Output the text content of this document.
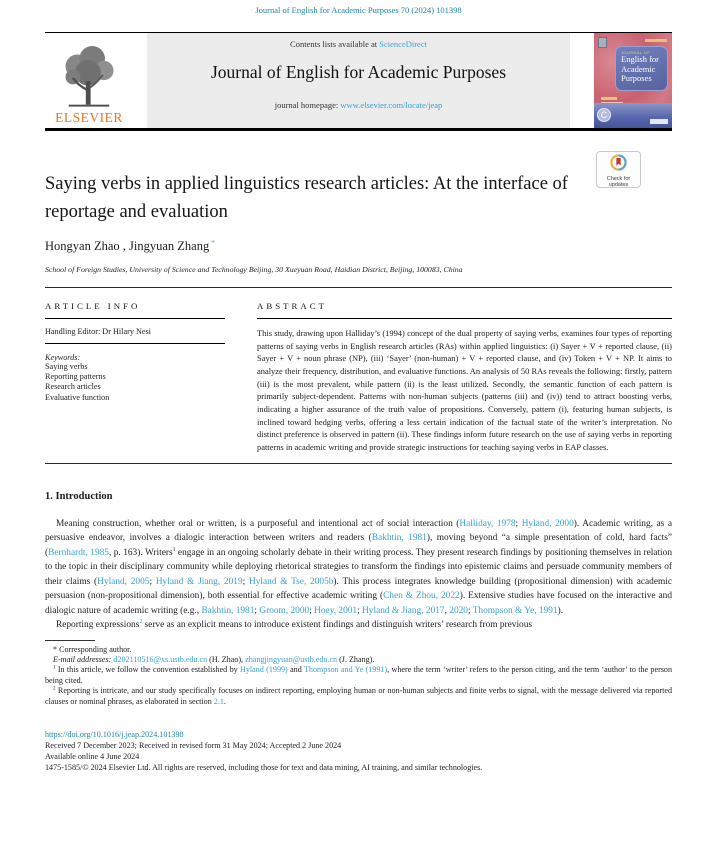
Journal of English for Academic Purposes 70 (2024) 101398
ELSEVIER
Contents lists available at ScienceDirect
Journal of English for Academic Purposes
journal homepage: www.elsevier.com/locate/jeap
JOURNAL OF
English for
Academic
Purposes
C
Saying verbs in applied linguistics research articles: At the interface of reportage and evaluation
Hongyan Zhao , Jingyuan Zhang *
School of Foreign Studies, University of Science and Technology Beijing, 30 Xueyuan Road, Haidian District, Beijing, 100083, China
ARTICLE INFO
Handling Editor: Dr Hilary Nesi
Keywords:
Saying verbs
Reporting patterns
Research articles
Evaluative function
ABSTRACT
This study, drawing upon Halliday’s (1994) concept of the dual property of saying verbs, examines four types of reporting patterns of saying verbs in English research articles (RAs) within applied linguistics: (i) Sayer + V + reported clause, (ii) Sayer + V + noun phrase (NP), (iii) ‘Sayer’ (non-human) + V + reported clause, and (iv) Token + V + NP. It aims to analyze their frequency, distribution, and evaluative functions. An analysis of 50 RAs reveals the following: firstly, pattern (iii) is the most prevalent, while pattern (ii) is the least utilized. Secondly, the semantic function of each pattern is primarily subject-dependent. Patterns with non-human subjects (patterns (iii) and (iv)) tend to attract boosting verbs, indicating a higher assurance of the truth value of propositions. Conversely, pattern (i), featuring human subjects, is inclined toward hedging verbs, offering a less certain indication of the factual state of the writer’s interpretation. No distinct preference is observed in pattern (ii). These findings inform future research on the use of saying verbs in reporting patterns in academic writing and provide strategic instructions for teaching saying verbs in EAP classes.
1. Introduction
Meaning construction, whether oral or written, is a purposeful and intentional act of social interaction (Halliday, 1978; Hyland, 2000). Academic writing, as a persuasive endeavor, involves a dialogic interaction between writers and readers (Bakhtin, 1981), moving beyond “a simple presentation of cold, hard facts” (Bernhardt, 1985, p. 163). Writers$^1$ engage in an ongoing scholarly debate in their writing process. They present research findings by positioning themselves in relation to the topic in their disciplinary community while deploying rhetorical strategies to transform the findings into epistemic claims and persuade community members of their claims (Hyland, 2005; Hyland & Jiang, 2019; Hyland & Tse, 2005b). This process integrates knowledge building (propositional dimension) with academic persuasion (non-propositional dimension), both essential for effective academic writing (Chen & Zhou, 2022). Extensive studies have focused on the interactive and dialogic nature of academic writing (e.g., Bakhtin, 1981; Groom, 2000; Hoey, 2001; Hyland & Jiang, 2017, 2020; Thompson & Ye, 1991).
Reporting expressions$^2$ serve as an explicit means to introduce existent findings and distinguish writers’ research from previous
* Corresponding author.
E-mail addresses: d202110516@xs.ustb.edu.cn (H. Zhao), zhangjingyuan@ustb.edu.cn (J. Zhang).
$^1$ In this article, we follow the convention established by Hyland (1999) and Thompson and Ye (1991), where the term ‘writer’ refers to the person citing, and the term ‘author’ to the person being cited.
$^2$ Reporting is intricate, and our study specifically focuses on indirect reporting, employing human or non-human subjects and finite verbs to signal, with the message delivered via reported clauses or nominal phrases, as elaborated in section 2.1.
https://doi.org/10.1016/j.jeap.2024.101398
Received 7 December 2023; Received in revised form 31 May 2024; Accepted 2 June 2024
Available online 4 June 2024
1475-1585/© 2024 Elsevier Ltd. All rights are reserved, including those for text and data mining, AI training, and similar technologies.
Check for
updates
